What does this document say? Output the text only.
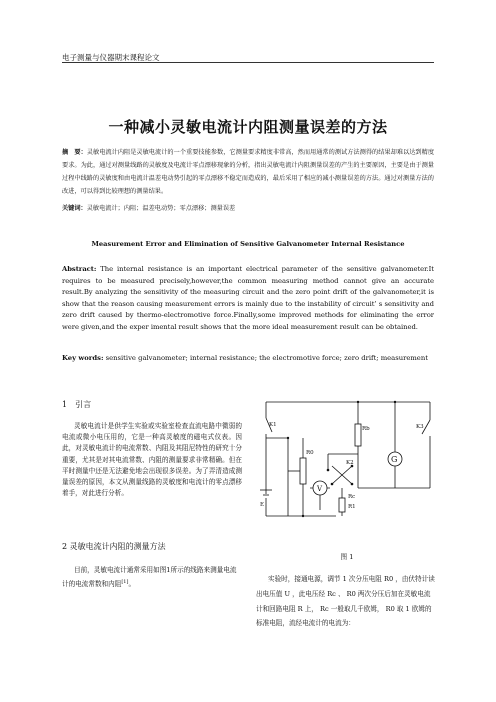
电子测量与仪器期末课程论文
一种减小灵敏电流计内阻测量误差的方法
摘　要：灵敏电流计内阻是灵敏电流计的一个重要技能参数，它测量要求精度非常高，然而用通常的测试方法测得的结果却难以达到精度要求。为此，通过对测量线路的灵敏度及电流计零点漂移现象的分析，指出灵敏电流计内阻测量误差的产生的主要原因，主要是由于测量过程中线路的灵敏度和由电流计温差电动势引起的零点漂移不稳定而造成的，最后采用了相应的减小测量误差的方法。通过对测量方法的改进，可以得到比较理想的测量结果。
关键词：灵敏电流计；内阻；温差电动势；零点漂移；测量误差
Measurement Error and Elimination of Sensitive Galvanometer Internal Resistance
Abstract: The internal resistance is an important electrical parameter of the sensitive galvanometer.It requires to be measured precisely,however,the common measuring method cannot give an accurate result.By analyzing the sensitivity of the measuring circuit and the zero point drift of the galvanometer,it is show that the reason causing measurement errors is mainly due to the instability of circuit’ s sensitivity and zero drift caused by thermo-electromotive force.Finally,some improved methods for eliminating the error were given,and the exper imental result shows that the more ideal measurement result can be obtained.
Key words: sensitive galvanometer; internal resistance; the electromotive force; zero drift; measurement
1　引言
灵敏电流计是供学生实验或实验室检查直流电路中微弱的电流或微小电压用的，它是一种高灵敏度的磁电式仪表。因此，对灵敏电流计的电流常数、内阻及其阻尼特性的研究十分重要，尤其是对其电流常数、内阻的测量要求非常精确。但在平时测量中还是无法避免地会出现很多误差。为了弄清造成测量误差的原因，本文从测量线路的灵敏度和电流计的零点漂移着手，对此进行分析。
2 灵敏电流计内阻的测量方法
目前，灵敏电流计通常采用如图1所示的线路来测量电流计的电流常数和内阻[1]。
K1
R0
Rb
G
K3
K2
Rc
R1
V
E
图 1
实验时，接通电源，调节 1 次分压电阻 R0 ，由伏特计读出电压值 U ，此电压经 Rc 、 R0 两次分压后加在灵敏电流计和回路电阻 R 上， Rc 一般取几千欧姆， R0 取 1 欧姆的标准电阻，流经电流计的电流为：
